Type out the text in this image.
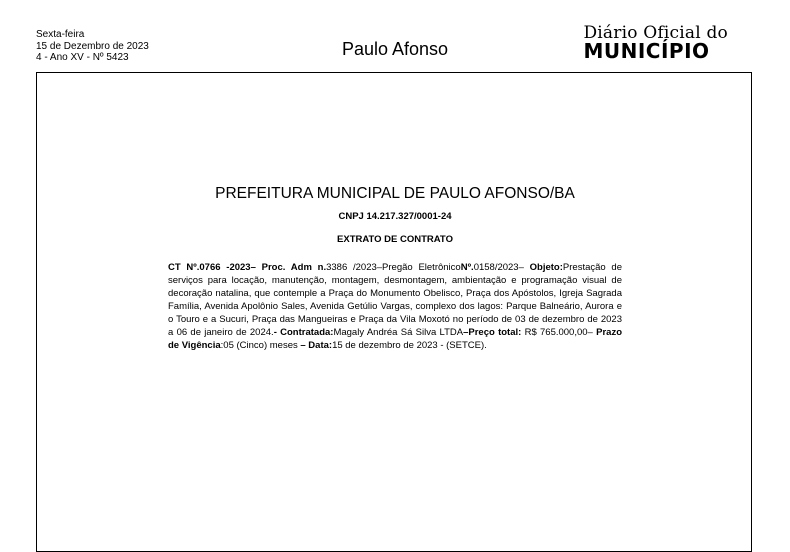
Sexta-feira
15 de Dezembro de 2023
4 - Ano XV - Nº 5423	Paulo Afonso
Diário Oficial do
MUNICÍPIO
PREFEITURA MUNICIPAL DE PAULO AFONSO/BA
CNPJ 14.217.327/0001-24
EXTRATO DE CONTRATO
CT Nº.0766 -2023– Proc. Adm n.3386 /2023–Pregão EletrônicoNº.0158/2023– Objeto:Prestação de serviços para locação, manutenção, montagem, desmontagem, ambientação e programação visual de decoração natalina, que contemple a Praça do Monumento Obelisco, Praça dos Apóstolos, Igreja Sagrada Família, Avenida Apolônio Sales, Avenida Getúlio Vargas, complexo dos lagos: Parque Balneário, Aurora e o Touro e a Sucuri, Praça das Mangueiras e Praça da Vila Moxotó no período de 03 de dezembro de 2023 a 06 de janeiro de 2024.- Contratada:Magaly Andréa Sá Silva LTDA–Preço total: R$ 765.000,00– Prazo de Vigência:05 (Cinco) meses – Data:15 de dezembro de 2023 - (SETCE).
